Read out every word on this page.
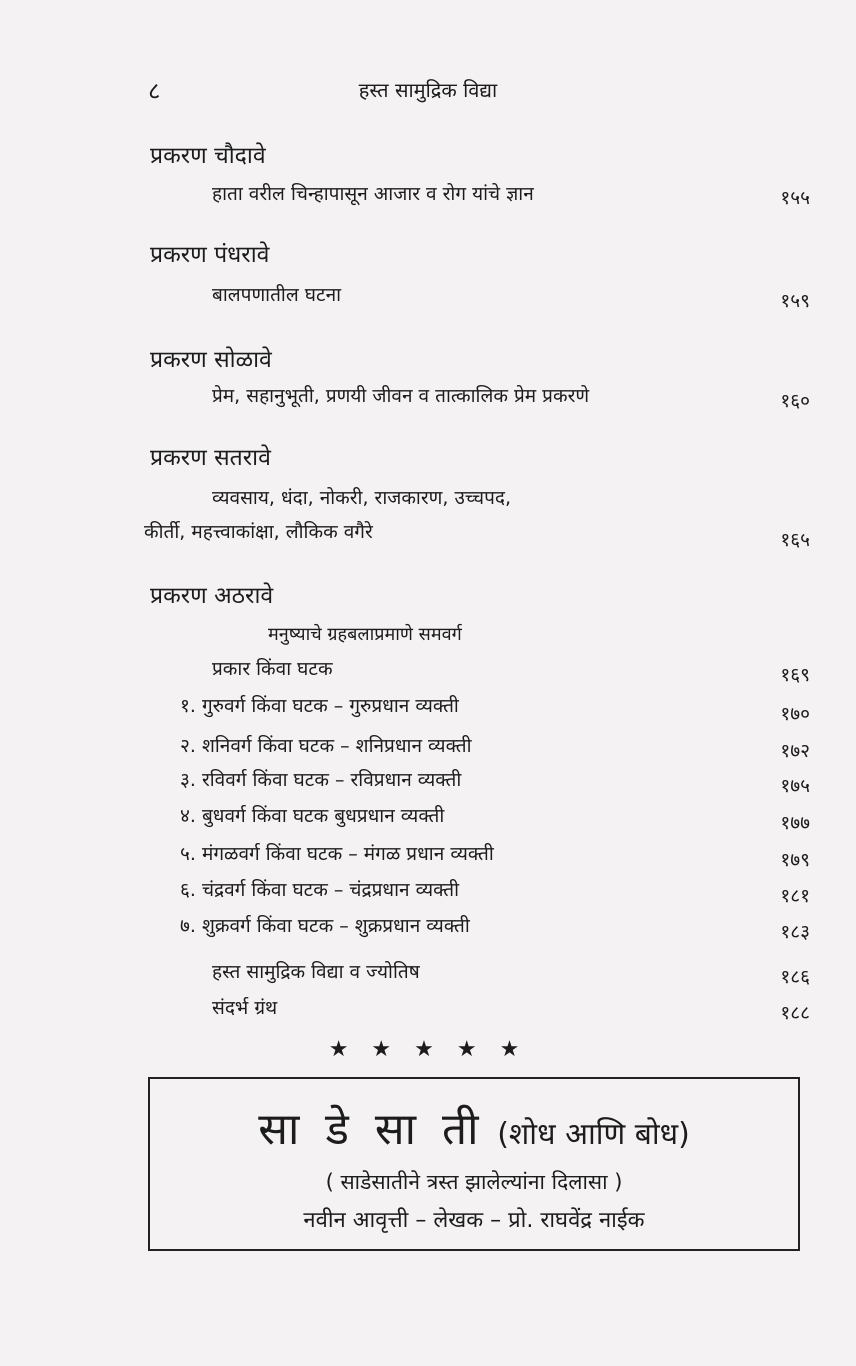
८	हस्त सामुद्रिक विद्या
प्रकरण चौदावे
हाता वरील चिन्हापासून आजार व रोग यांचे ज्ञान	१५५
प्रकरण पंधरावे
बालपणातील घटना	१५९
प्रकरण सोळावे
प्रेम, सहानुभूती, प्रणयी जीवन व तात्कालिक प्रेम प्रकरणे	१६०
प्रकरण सतरावे
व्यवसाय, धंदा, नोकरी, राजकारण, उच्चपद,
कीर्ती, महत्त्वाकांक्षा, लौकिक वगैरे	१६५
प्रकरण अठरावे
मनुष्याचे ग्रहबलाप्रमाणे समवर्ग
प्रकार किंवा घटक	१६९
१. गुरुवर्ग किंवा घटक – गुरुप्रधान व्यक्ती	१७०
२. शनिवर्ग किंवा घटक – शनिप्रधान व्यक्ती	१७२
३. रविवर्ग किंवा घटक – रविप्रधान व्यक्ती	१७५
४. बुधवर्ग किंवा घटक बुधप्रधान व्यक्ती	१७७
५. मंगळवर्ग किंवा घटक – मंगळ प्रधान व्यक्ती	१७९
६. चंद्रवर्ग किंवा घटक – चंद्रप्रधान व्यक्ती	१८१
७. शुक्रवर्ग किंवा घटक – शुक्रप्रधान व्यक्ती	१८३
हस्त सामुद्रिक विद्या व ज्योतिष	१८६
संदर्भ ग्रंथ	१८८
★ ★ ★ ★ ★
सा डे सा ती (शोध आणि बोध)
( साडेसातीने त्रस्त झालेल्यांना दिलासा )
नवीन आवृत्ती – लेखक – प्रो. राघवेंद्र नाईक
